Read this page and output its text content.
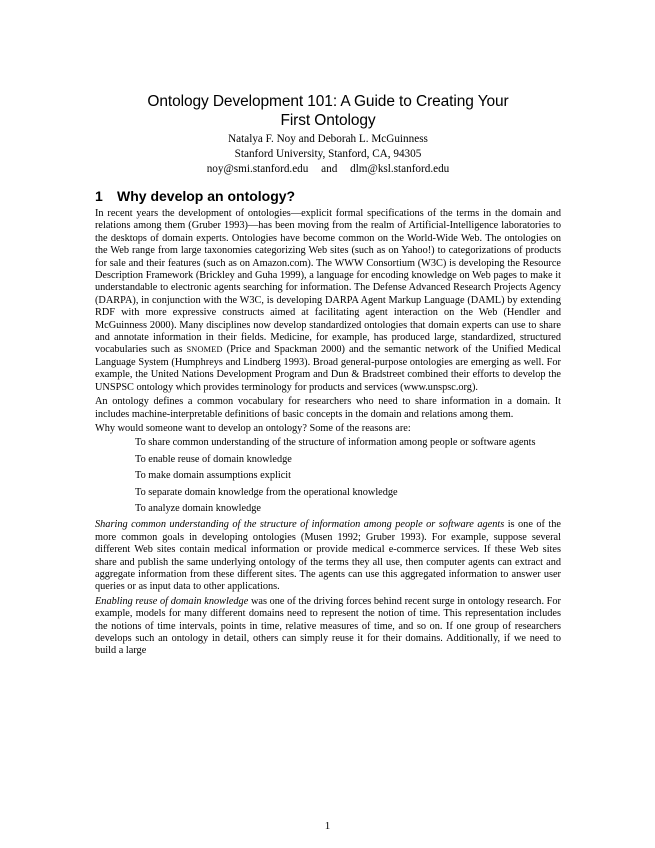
Ontology Development 101: A Guide to Creating Your
First Ontology
Natalya F. Noy and Deborah L. McGuinness
Stanford University, Stanford, CA, 94305
noy@smi.stanford.edu and dlm@ksl.stanford.edu
1 Why develop an ontology?

In recent years the development of ontologies—explicit formal specifications of the terms in the domain and relations among them (Gruber 1993)—has been moving from the realm of Artificial-Intelligence laboratories to the desktops of domain experts. Ontologies have become common on the World-Wide Web. The ontologies on the Web range from large taxonomies categorizing Web sites (such as on Yahoo!) to categorizations of products for sale and their features (such as on Amazon.com). The WWW Consortium (W3C) is developing the Resource Description Framework (Brickley and Guha 1999), a language for encoding knowledge on Web pages to make it understandable to electronic agents searching for information. The Defense Advanced Research Projects Agency (DARPA), in conjunction with the W3C, is developing DARPA Agent Markup Language (DAML) by extending RDF with more expressive constructs aimed at facilitating agent interaction on the Web (Hendler and McGuinness 2000). Many disciplines now develop standardized ontologies that domain experts can use to share and annotate information in their fields. Medicine, for example, has produced large, standardized, structured vocabularies such as SNOMED (Price and Spackman 2000) and the semantic network of the Unified Medical Language System (Humphreys and Lindberg 1993). Broad general-purpose ontologies are emerging as well. For example, the United Nations Development Program and Dun & Bradstreet combined their efforts to develop the UNSPSC ontology which provides terminology for products and services (www.unspsc.org).

An ontology defines a common vocabulary for researchers who need to share information in a domain. It includes machine-interpretable definitions of basic concepts in the domain and relations among them.

Why would someone want to develop an ontology? Some of the reasons are:

To share common understanding of the structure of information among people or software agents
To enable reuse of domain knowledge
To make domain assumptions explicit
To separate domain knowledge from the operational knowledge
To analyze domain knowledge

Sharing common understanding of the structure of information among people or software agents is one of the more common goals in developing ontologies (Musen 1992; Gruber 1993). For example, suppose several different Web sites contain medical information or provide medical e-commerce services. If these Web sites share and publish the same underlying ontology of the terms they all use, then computer agents can extract and aggregate information from these different sites. The agents can use this aggregated information to answer user queries or as input data to other applications.

Enabling reuse of domain knowledge was one of the driving forces behind recent surge in ontology research. For example, models for many different domains need to represent the notion of time. This representation includes the notions of time intervals, points in time, relative measures of time, and so on. If one group of researchers develops such an ontology in detail, others can simply reuse it for their domains. Additionally, if we need to build a large

1
